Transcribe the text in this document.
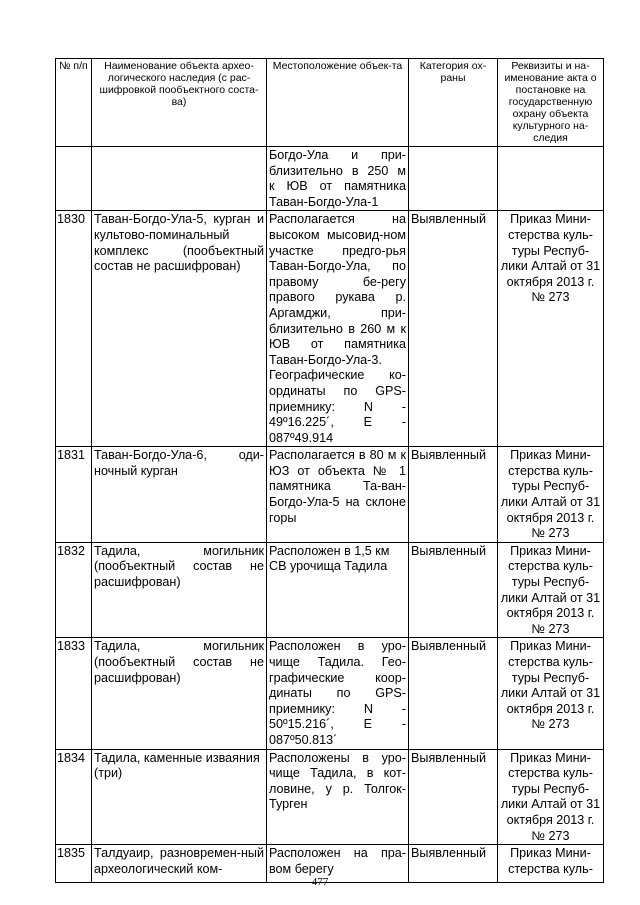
№ п/п	Наименование объекта архео-логического наследия (с рас-шифровкой пообъектного соста-ва)	Местоположение объек-та	Категория ох-раны	Реквизиты и на-именование акта о постановке на государственную охрану объекта культурного на-следия

		Богдо-Ула и при-
близительно в 250 м
к ЮВ от памятника
Таван-Богдо-Ула-1		

1830	Таван-Богдо-Ула-5, курган и культово-поминальный комплекс (пообъектный состав не расшифрован)	Располагается на высоком мысовид-ном участке предго-рья Таван-Богдо-Ула, по правому бе-регу правого рукава р. Аргамджи, при-близительно в 260 м к ЮВ от памятника Таван-Богдо-Ула-3. Географические ко-ординаты по GPS-приемнику: N - 49º16.225´, E - 087º49.914	Выявленный	Приказ Мини-стерства куль-туры Респуб-лики Алтай от 31 октября 2013 г. № 273
1831	Таван-Богдо-Ула-6, оди-ночный курган	Располагается в 80 м к ЮЗ от объекта № 1 памятника Та-ван-Богдо-Ула-5 на склоне горы	Выявленный	Приказ Мини-стерства куль-туры Респуб-лики Алтай от 31 октября 2013 г. № 273
1832	Тадила, могильник (пообъектный состав не расшифрован)	Расположен в 1,5 км СВ урочища Тадила	Выявленный	Приказ Мини-стерства куль-туры Респуб-лики Алтай от 31 октября 2013 г. № 273
1833	Тадила, могильник (пообъектный состав не расшифрован)	Расположен в уро-чище Тадила. Гео-графические коор-динаты по GPS-приемнику: N - 50º15.216´, E - 087º50.813´	Выявленный	Приказ Мини-стерства куль-туры Респуб-лики Алтай от 31 октября 2013 г. № 273
1834	Тадила, каменные изваяния (три)	Расположены в уро-чище Тадила, в кот-ловине, у р. Толгок-Турген	Выявленный	Приказ Мини-стерства куль-туры Респуб-лики Алтай от 31 октября 2013 г. № 273
1835	Талдуаир, разновремен-ный археологический ком-	Расположен на пра-вом берегу	Выявленный	Приказ Мини-стерства куль-
477
